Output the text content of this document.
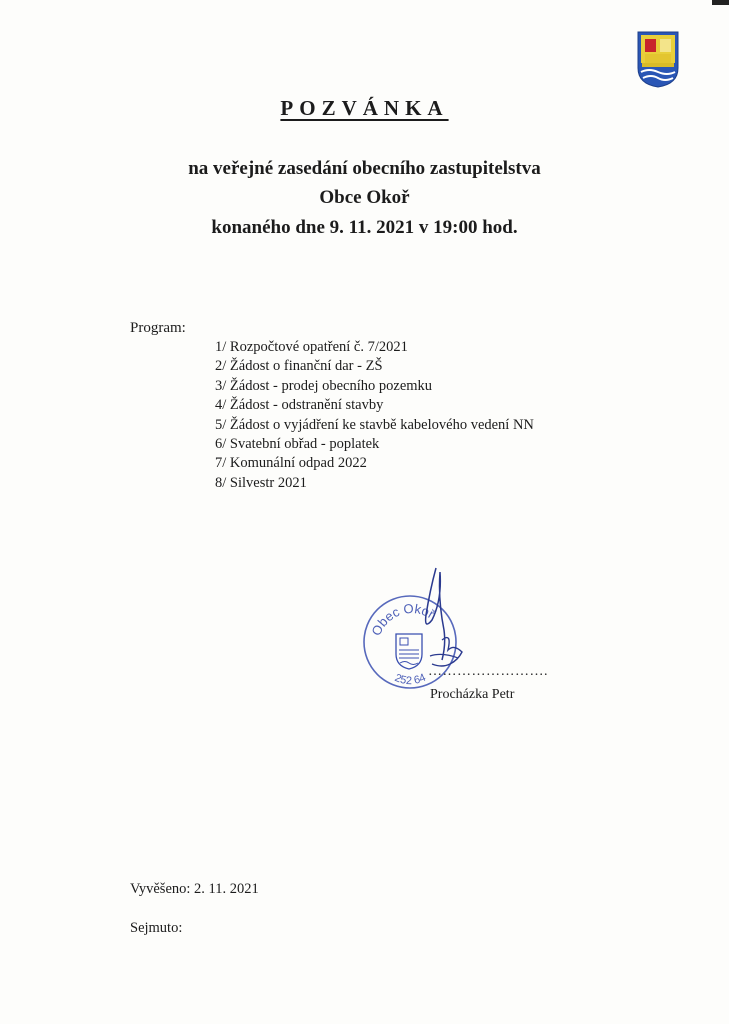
POZVÁNKA
na veřejné zasedání obecního zastupitelstva
Obce Okoř
konaného dne 9. 11. 2021 v 19:00 hod.
Program:
1/ Rozpočtové opatření č. 7/2021
2/ Žádost o finanční dar - ZŠ
3/ Žádost - prodej obecního pozemku
4/ Žádost - odstranění stavby
5/ Žádost o vyjádření ke stavbě kabelového vedení NN
6/ Svatební obřad - poplatek
7/ Komunální odpad 2022
8/ Silvestr 2021
Obec Okoř
252 64 …………………….
Procházka Petr
Vyvěšeno: 2. 11. 2021
Sejmuto:
